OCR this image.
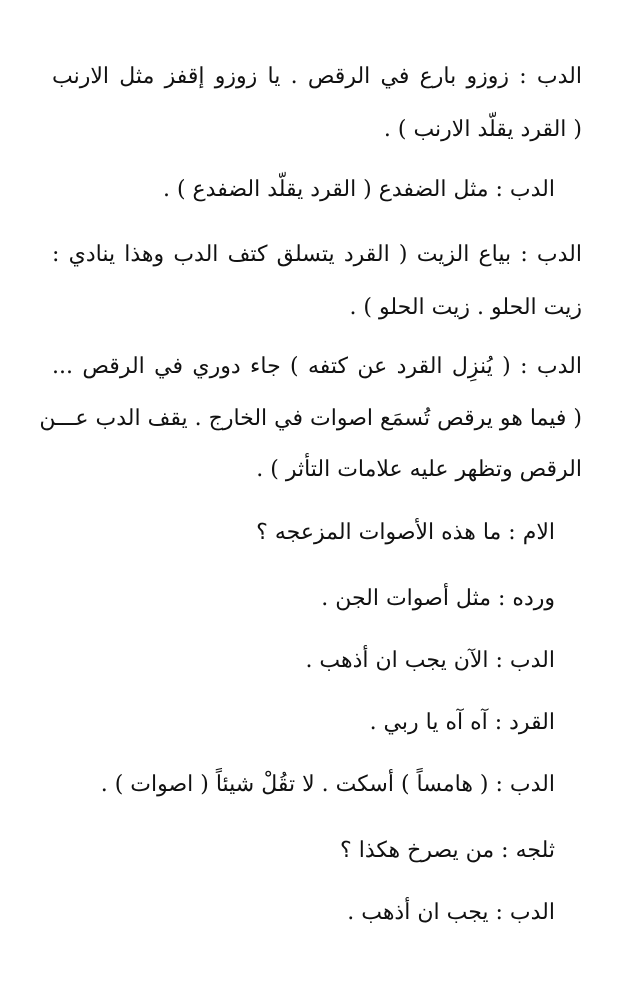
الدب : زوزو بارع في الرقص . يا زوزو إقفز مثل الارنب
( القرد يقلّد الارنب ) .
الدب : مثل الضفدع ( القرد يقلّد الضفدع ) .
الدب : بياع الزيت ( القرد يتسلق كتف الدب وهذا ينادي :
زيت الحلو . زيت الحلو ) .
الدب : ( يُنزِل القرد عن كتفه ) جاء دوري في الرقص ...
( فيما هو يرقص تُسمَع اصوات في الخارج . يقف الدب عـــن
الرقص وتظهر عليه علامات التأثر ) .
الام : ما هذه الأصوات المزعجه ؟
ورده : مثل أصوات الجن .
الدب : الآن يجب ان أذهب .
القرد : آه آه يا ربي .
الدب : ( هامساً ) أسكت . لا تقُلْ شيئاً ( اصوات ) .
ثلجه : من يصرخ هكذا ؟
الدب : يجب ان أذهب .
